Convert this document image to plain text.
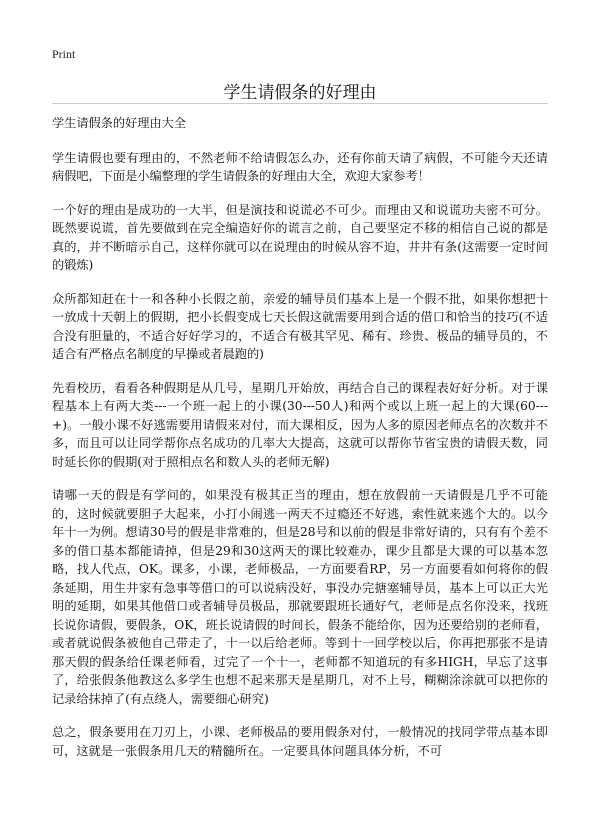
Print
学生请假条的好理由

学生请假条的好理由大全

学生请假也要有理由的，不然老师不给请假怎么办，还有你前天请了病假，不可能今天还请病假吧，下面是小编整理的学生请假条的好理由大全，欢迎大家参考！

一个好的理由是成功的一大半，但是演技和说谎必不可少。而理由又和说谎功夫密不可分。既然要说谎，首先要做到在完全编造好你的谎言之前，自己要坚定不移的相信自己说的都是真的，并不断暗示自己，这样你就可以在说理由的时候从容不迫，井井有条(这需要一定时间的锻炼)

众所都知赶在十一和各种小长假之前，亲爱的辅导员们基本上是一个假不批，如果你想把十一放成十天朝上的假期，把小长假变成七天长假这就需要用到合适的借口和恰当的技巧(不适合没有胆量的，不适合好好学习的，不适合有极其罕见、稀有、珍贵、极品的辅导员的，不适合有严格点名制度的早操或者晨跑的)

先看校历，看看各种假期是从几号，星期几开始放，再结合自己的课程表好好分析。对于课程基本上有两大类---一个班一起上的小课(30---50人)和两个或以上班一起上的大课(60---+)。一般小课不好逃需要用请假来对付，而大课相反，因为人多的原因老师点名的次数并不多，而且可以让同学帮你点名成功的几率大大提高，这就可以帮你节省宝贵的请假天数，同时延长你的假期(对于照相点名和数人头的老师无解)

请哪一天的假是有学问的，如果没有极其正当的理由，想在放假前一天请假是几乎不可能的，这时候就要胆子大起来，小打小闹逃一两天不过瘾还不好逃，索性就来逃个大的。以今年十一为例。想请30号的假是非常难的，但是28号和以前的假是非常好请的，只有有个差不多的借口基本都能请掉，但是29和30这两天的课比较难办，课少且都是大课的可以基本忽略，找人代点，OK。课多，小课，老师极品，一方面要看RP，另一方面要看如何将你的假条延期，用生井家有急事等借口的可以说病没好，事没办完搪塞辅导员，基本上可以正大光明的延期，如果其他借口或者辅导员极品，那就要跟班长通好气，老师是点名你没来，找班长说你请假，要假条，OK，班长说请假的时间长，假条不能给你，因为还要给别的老师看，或者就说假条被他自己带走了，十一以后给老师。等到十一回学校以后，你再把那张不是请那天假的假条给任课老师看，过完了一个十一，老师都不知道玩的有多HIGH，早忘了这事了，给张假条他教这么多学生也想不起来那天是星期几，对不上号，糊糊涂涂就可以把你的记录给抹掉了(有点绕人，需要细心研究)

总之，假条要用在刀刃上，小课、老师极品的要用假条对付，一般情况的找同学带点基本即可，这就是一张假条用几天的精髓所在。一定要具体问题具体分析，不可
